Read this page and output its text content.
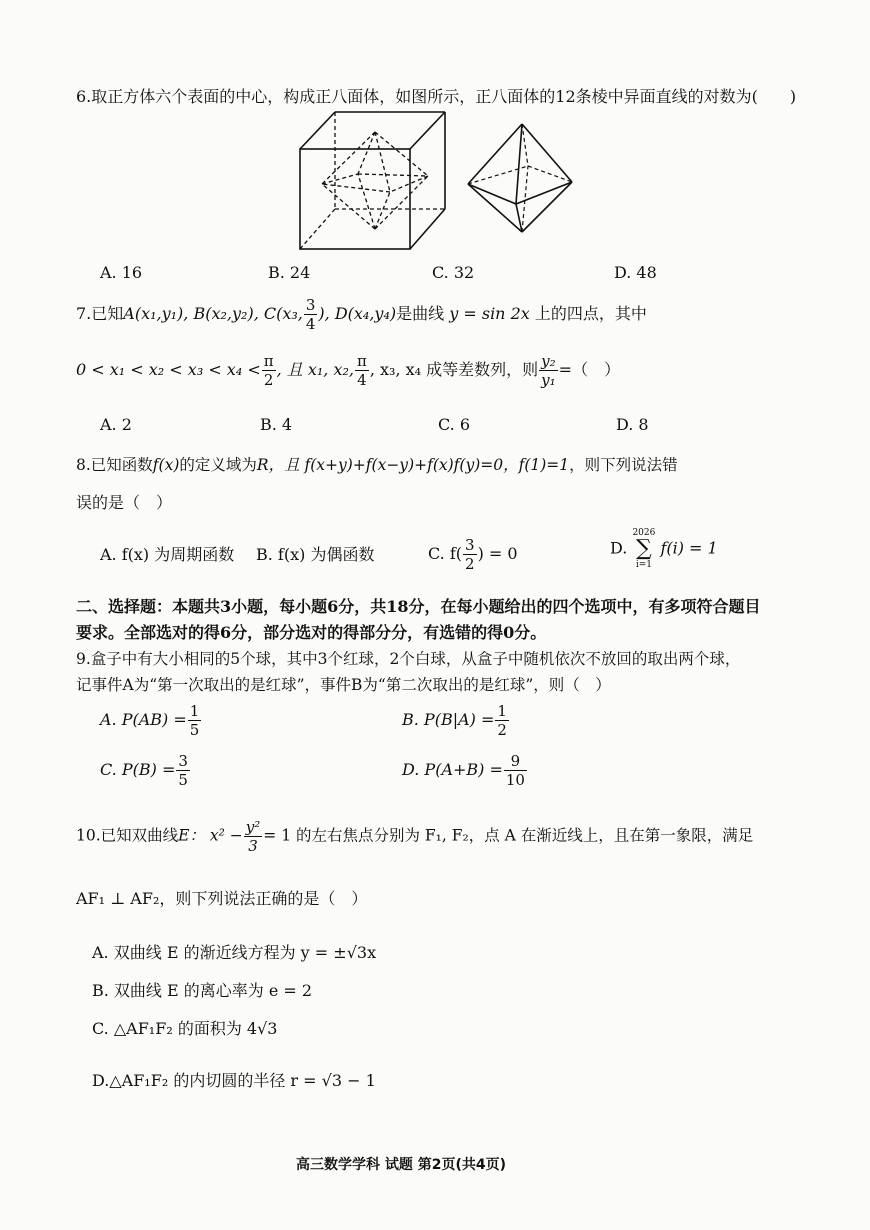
6.取正方体六个表面的中心，构成正八面体，如图所示，正八面体的12条棱中异面直线的对数为(　　)
A. 16	B. 24	C. 32	D. 48
7.已知A(x₁,y₁), B(x₂,y₂), C(x₃, $\frac{3}{4}$ ), D(x₄,y₄)是曲线 y = sin 2x 上的四点，其中
$0 < x_1 < x_2 < x_3 < x_4 < \frac{\pi}{2}$ , 且 x₁, x₂, $\frac{\pi}{4}$ , x₃, x₄ 成等差数列，则 $\frac{\text{y₂}}{\text{y₁}}$ =（　）
A. 2	B. 4	C. 6	D. 8
8.已知函数f(x)的定义域为R，且 f(x+y)+f(x−y)+f(x)f(y)=0，f(1)=1，则下列说法错
误的是（　）
A. f(x) 为周期函数 B. f(x) 为偶函数	C. $f( \frac{3}{2}$ ) = 0	D. 2026
∑
i=1 f(i) = 1
二、选择题：本题共3小题，每小题6分，共18分，在每小题给出的四个选项中，有多项符合题目
要求。全部选对的得6分，部分选对的得部分分，有选错的得0分。
9.盒子中有大小相同的5个球，其中3个红球，2个白球，从盒子中随机依次不放回的取出两个球，
记事件A为“第一次取出的是红球”，事件B为“第二次取出的是红球”，则（　）
A. $P(AB) = \frac{1}{5}$	B. $P(B|A) = \frac{1}{2}$
C. $P(B) = \frac{3}{5}$	D. $P(A+B) = \frac{9}{10}$
10.已知双曲线E： $x^2 - \frac{\text{y²}}{3} = 1$ 的左右焦点分别为 F₁, F₂，点 A 在渐近线上，且在第一象限，满足
AF₁ ⊥ AF₂，则下列说法正确的是（　）
A. 双曲线 E 的渐近线方程为 y = ±√3x
B. 双曲线 E 的离心率为 e = 2
C. △AF₁F₂ 的面积为 4√3
D.△AF₁F₂ 的内切圆的半径 r = √3 − 1
高三数学学科 试题 第2页(共4页)
